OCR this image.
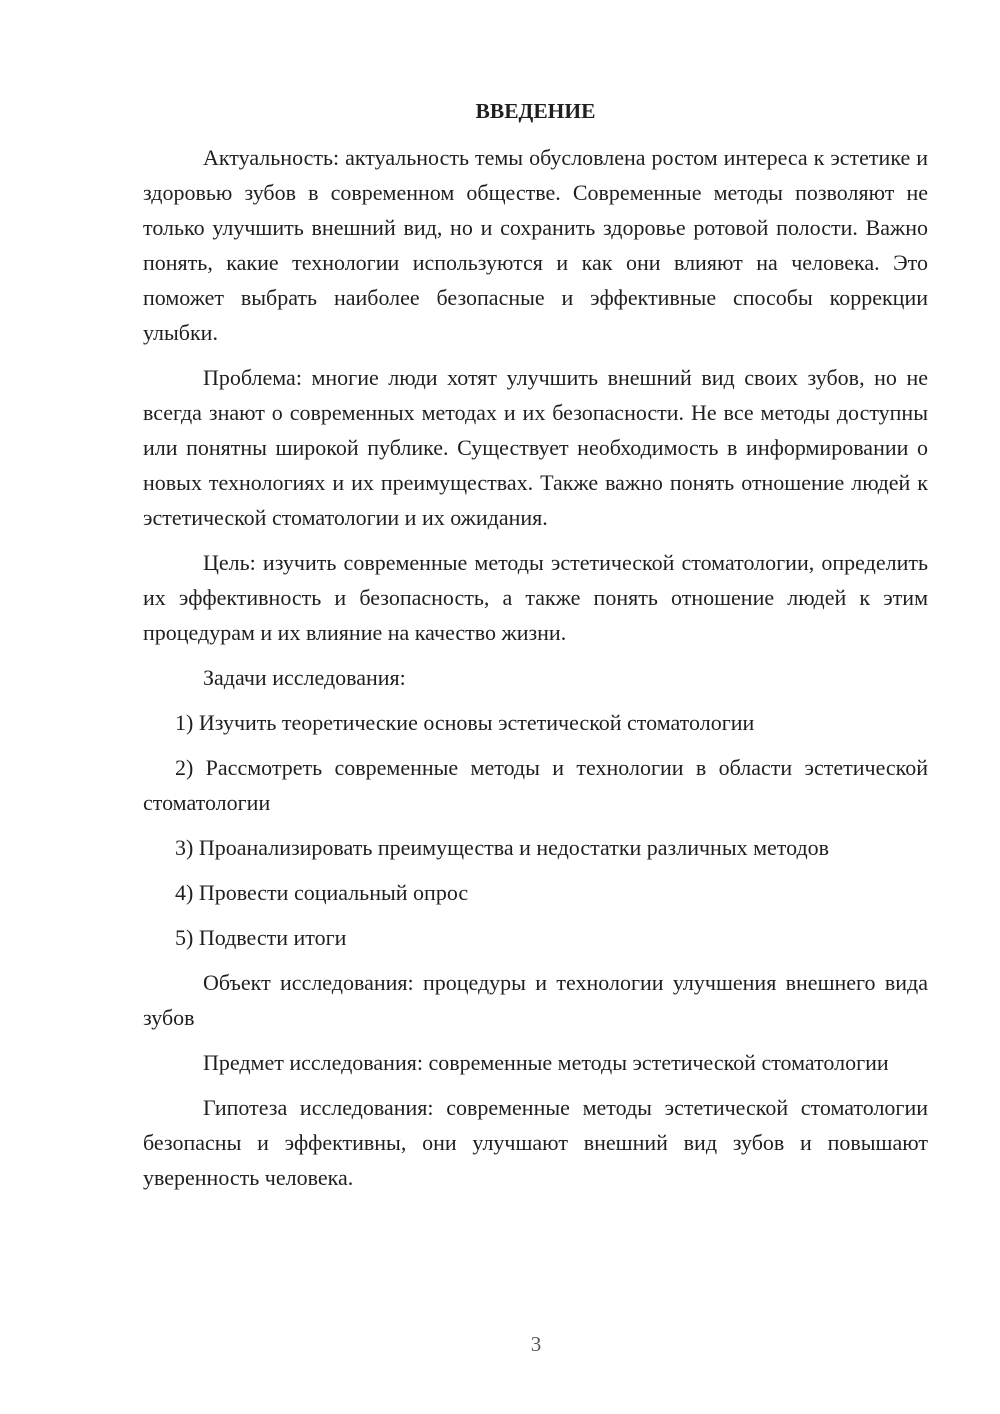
ВВЕДЕНИЕ

Актуальность: актуальность темы обусловлена ростом интереса к эстетике и здоровью зубов в современном обществе. Современные методы позволяют не только улучшить внешний вид, но и сохранить здоровье ротовой полости. Важно понять, какие технологии используются и как они влияют на человека. Это поможет выбрать наиболее безопасные и эффективные способы коррекции улыбки.

Проблема: многие люди хотят улучшить внешний вид своих зубов, но не всегда знают о современных методах и их безопасности. Не все методы доступны или понятны широкой публике. Существует необходимость в информировании о новых технологиях и их преимуществах. Также важно понять отношение людей к эстетической стоматологии и их ожидания.

Цель: изучить современные методы эстетической стоматологии, определить их эффективность и безопасность, а также понять отношение людей к этим процедурам и их влияние на качество жизни.

Задачи исследования:

1) Изучить теоретические основы эстетической стоматологии

2) Рассмотреть современные методы и технологии в области эстетической стоматологии

3) Проанализировать преимущества и недостатки различных методов

4) Провести социальный опрос

5) Подвести итоги

Объект исследования: процедуры и технологии улучшения внешнего вида зубов

Предмет исследования: современные методы эстетической стоматологии

Гипотеза исследования: современные методы эстетической стоматологии безопасны и эффективны, они улучшают внешний вид зубов и повышают уверенность человека.

3
